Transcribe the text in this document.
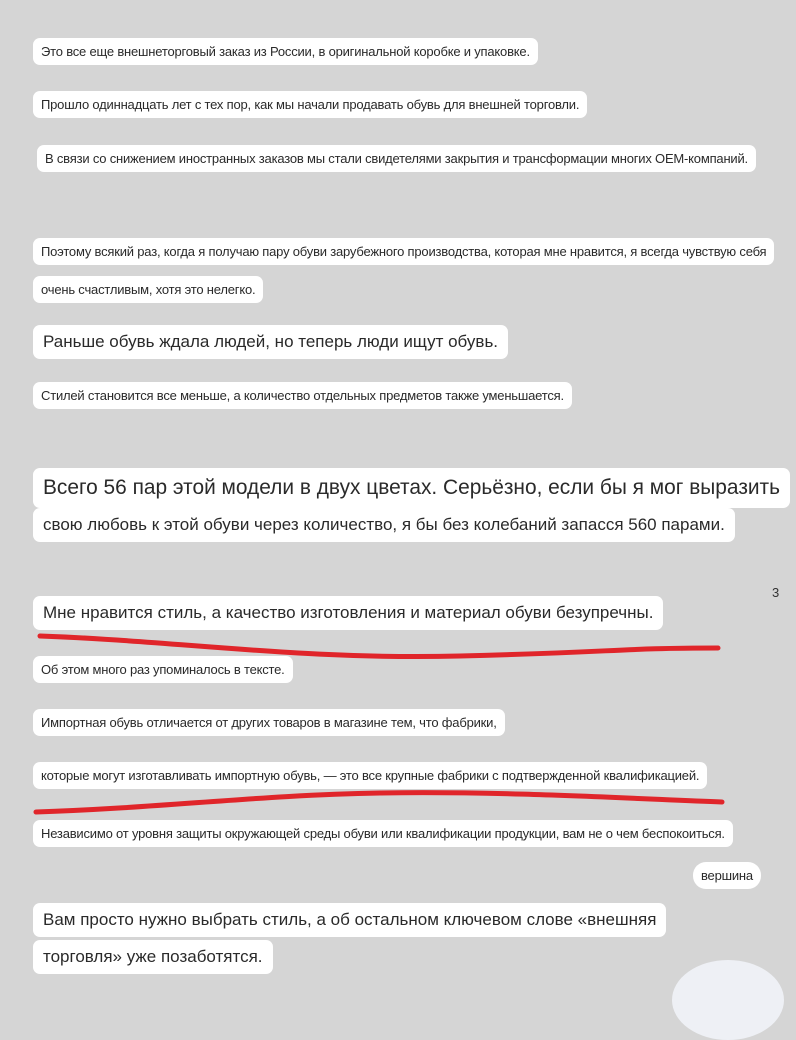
Это все еще внешнеторговый заказ из России, в оригинальной коробке и упаковке.
Прошло одиннадцать лет с тех пор, как мы начали продавать обувь для внешней торговли.
В связи со снижением иностранных заказов мы стали свидетелями закрытия и трансформации многих OEM-компаний.
Поэтому всякий раз, когда я получаю пару обуви зарубежного производства, которая мне нравится, я всегда чувствую себя
очень счастливым, хотя это нелегко.
Раньше обувь ждала людей, но теперь люди ищут обувь.
Стилей становится все меньше, а количество отдельных предметов также уменьшается.
Всего 56 пар этой модели в двух цветах. Серьёзно, если бы я мог выразить
свою любовь к этой обуви через количество, я бы без колебаний запасся 560 парами.
Мне нравится стиль, а качество изготовления и материал обуви безупречны.
Об этом много раз упоминалось в тексте.
Импортная обувь отличается от других товаров в магазине тем, что фабрики,
которые могут изготавливать импортную обувь, — это все крупные фабрики с подтвержденной квалификацией.
Независимо от уровня защиты окружающей среды обуви или квалификации продукции, вам не о чем беспокоиться.
вершина
Вам просто нужно выбрать стиль, а об остальном ключевом слове «внешняя
торговля» уже позаботятся.
3
